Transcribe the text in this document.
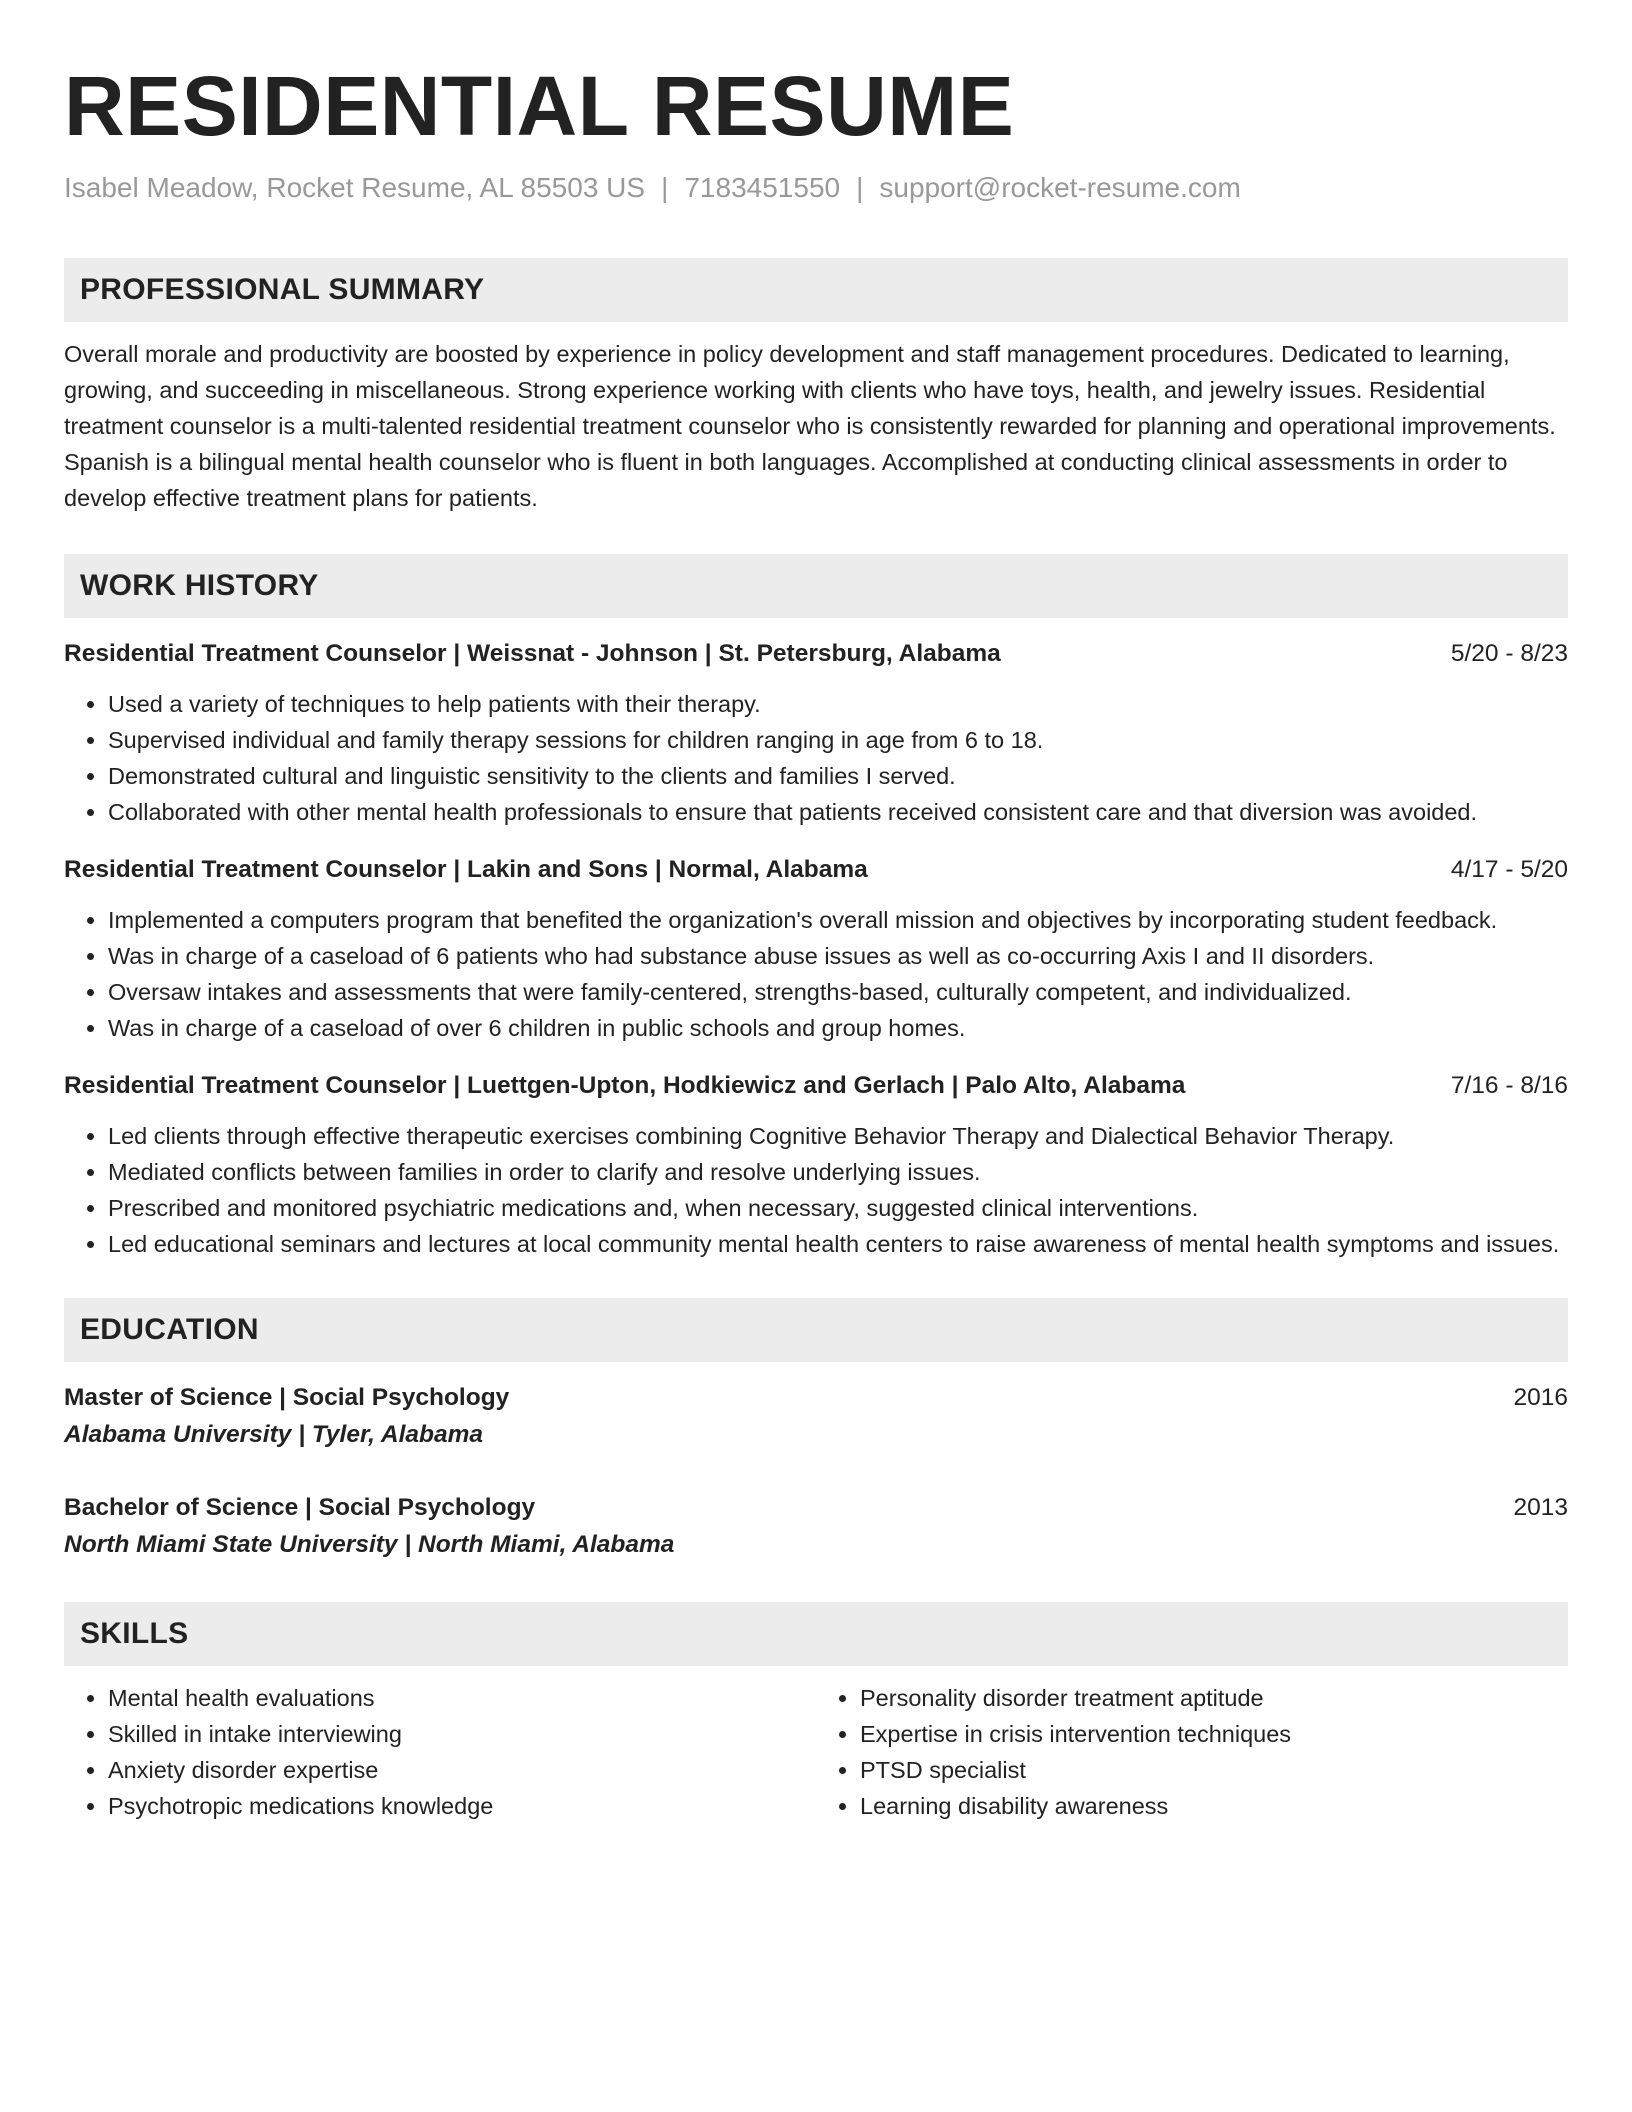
RESIDENTIAL RESUME
Isabel Meadow, Rocket Resume, AL 85503 US | 7183451550 | support@rocket-resume.com
PROFESSIONAL SUMMARY
Overall morale and productivity are boosted by experience in policy development and staff management procedures. Dedicated to learning, growing, and succeeding in miscellaneous. Strong experience working with clients who have toys, health, and jewelry issues. Residential treatment counselor is a multi-talented residential treatment counselor who is consistently rewarded for planning and operational improvements. Spanish is a bilingual mental health counselor who is fluent in both languages. Accomplished at conducting clinical assessments in order to develop effective treatment plans for patients.
WORK HISTORY
Residential Treatment Counselor | Weissnat - Johnson | St. Petersburg, Alabama	5/20 - 8/23
• Used a variety of techniques to help patients with their therapy.
• Supervised individual and family therapy sessions for children ranging in age from 6 to 18.
• Demonstrated cultural and linguistic sensitivity to the clients and families I served.
• Collaborated with other mental health professionals to ensure that patients received consistent care and that diversion was avoided.
Residential Treatment Counselor | Lakin and Sons | Normal, Alabama	4/17 - 5/20
• Implemented a computers program that benefited the organization's overall mission and objectives by incorporating student feedback.
• Was in charge of a caseload of 6 patients who had substance abuse issues as well as co-occurring Axis I and II disorders.
• Oversaw intakes and assessments that were family-centered, strengths-based, culturally competent, and individualized.
• Was in charge of a caseload of over 6 children in public schools and group homes.
Residential Treatment Counselor | Luettgen-Upton, Hodkiewicz and Gerlach | Palo Alto, Alabama	7/16 - 8/16
• Led clients through effective therapeutic exercises combining Cognitive Behavior Therapy and Dialectical Behavior Therapy.
• Mediated conflicts between families in order to clarify and resolve underlying issues.
• Prescribed and monitored psychiatric medications and, when necessary, suggested clinical interventions.
• Led educational seminars and lectures at local community mental health centers to raise awareness of mental health symptoms and issues.
EDUCATION
Master of Science | Social Psychology	2016
Alabama University | Tyler, Alabama
Bachelor of Science | Social Psychology	2013
North Miami State University | North Miami, Alabama
SKILLS
• Mental health evaluations
• Skilled in intake interviewing
• Anxiety disorder expertise
• Psychotropic medications knowledge
• Personality disorder treatment aptitude
• Expertise in crisis intervention techniques
• PTSD specialist
• Learning disability awareness
